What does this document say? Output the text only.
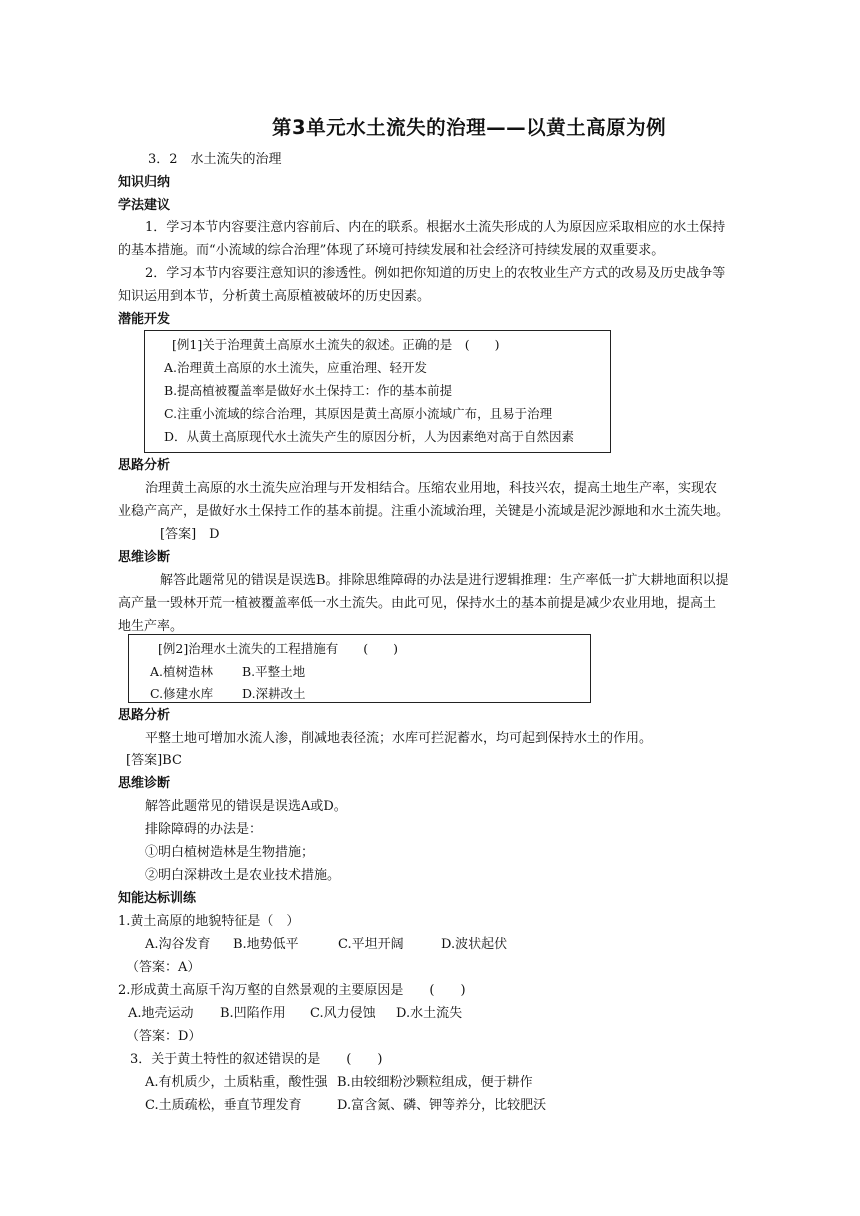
第3单元水土流失的治理——以黄土高原为例
3．2　水土流失的治理
知识归纳
学法建议
1．学习本节内容要注意内容前后、内在的联系。根据水土流失形成的人为原因应采取相应的水土保持
的基本措施。而“小流域的综合治理”体现了环境可持续发展和社会经济可持续发展的双重要求。
2．学习本节内容要注意知识的渗透性。例如把你知道的历史上的农牧业生产方式的改易及历史战争等
知识运用到本节，分析黄土高原植被破坏的历史因素。
潜能开发
[例1]关于治理黄土高原水土流失的叙述。正确的是　(　　)
A.治理黄土高原的水土流失，应重治理、轻开发
B.提高植被覆盖率是做好水土保持工：作的基本前提
C.注重小流域的综合治理，其原因是黄土高原小流域广布，且易于治理
D．从黄土高原现代水土流失产生的原因分析，人为因素绝对高于自然因素
思路分析
治理黄土高原的水土流失应治理与开发相结合。压缩农业用地，科技兴农，提高土地生产率，实现农
业稳产高产，是做好水土保持工作的基本前提。注重小流域治理，关键是小流域是泥沙源地和水土流失地。
[答案]　D
思维诊断
解答此题常见的错误是误选B。排除思维障碍的办法是进行逻辑推理：生产率低一扩大耕地面积以提
高产量一毁林开荒一植被覆盖率低一水土流失。由此可见，保持水土的基本前提是减少农业用地，提高土
地生产率。
[例2]治理水土流失的工程措施有　　(　　)
A.植树造林 B.平整土地
C.修建水库 D.深耕改土
思路分析
平整土地可增加水流人渗，削减地表径流；水库可拦泥蓄水，均可起到保持水土的作用。
[答案]BC
思维诊断
解答此题常见的错误是误选A或D。
排除障碍的办法是：
①明白植树造林是生物措施；
②明白深耕改土是农业技术措施。
知能达标训练
1.黄土高原的地貌特征是（　）
A.沟谷发育 B.地势低平	C.平坦开阔	D.波状起伏
（答案：A）
2.形成黄土高原千沟万壑的自然景观的主要原因是　　(　　)
A.地壳运动 B.凹陷作用 C.风力侵蚀 D.水土流失
（答案：D）
3．关于黄土特性的叙述错误的是　　(　　)
A.有机质少，土质粘重，酸性强 B.由较细粉沙颗粒组成，便于耕作
C.土质疏松，垂直节理发育	D.富含氮、磷、钾等养分，比较肥沃
